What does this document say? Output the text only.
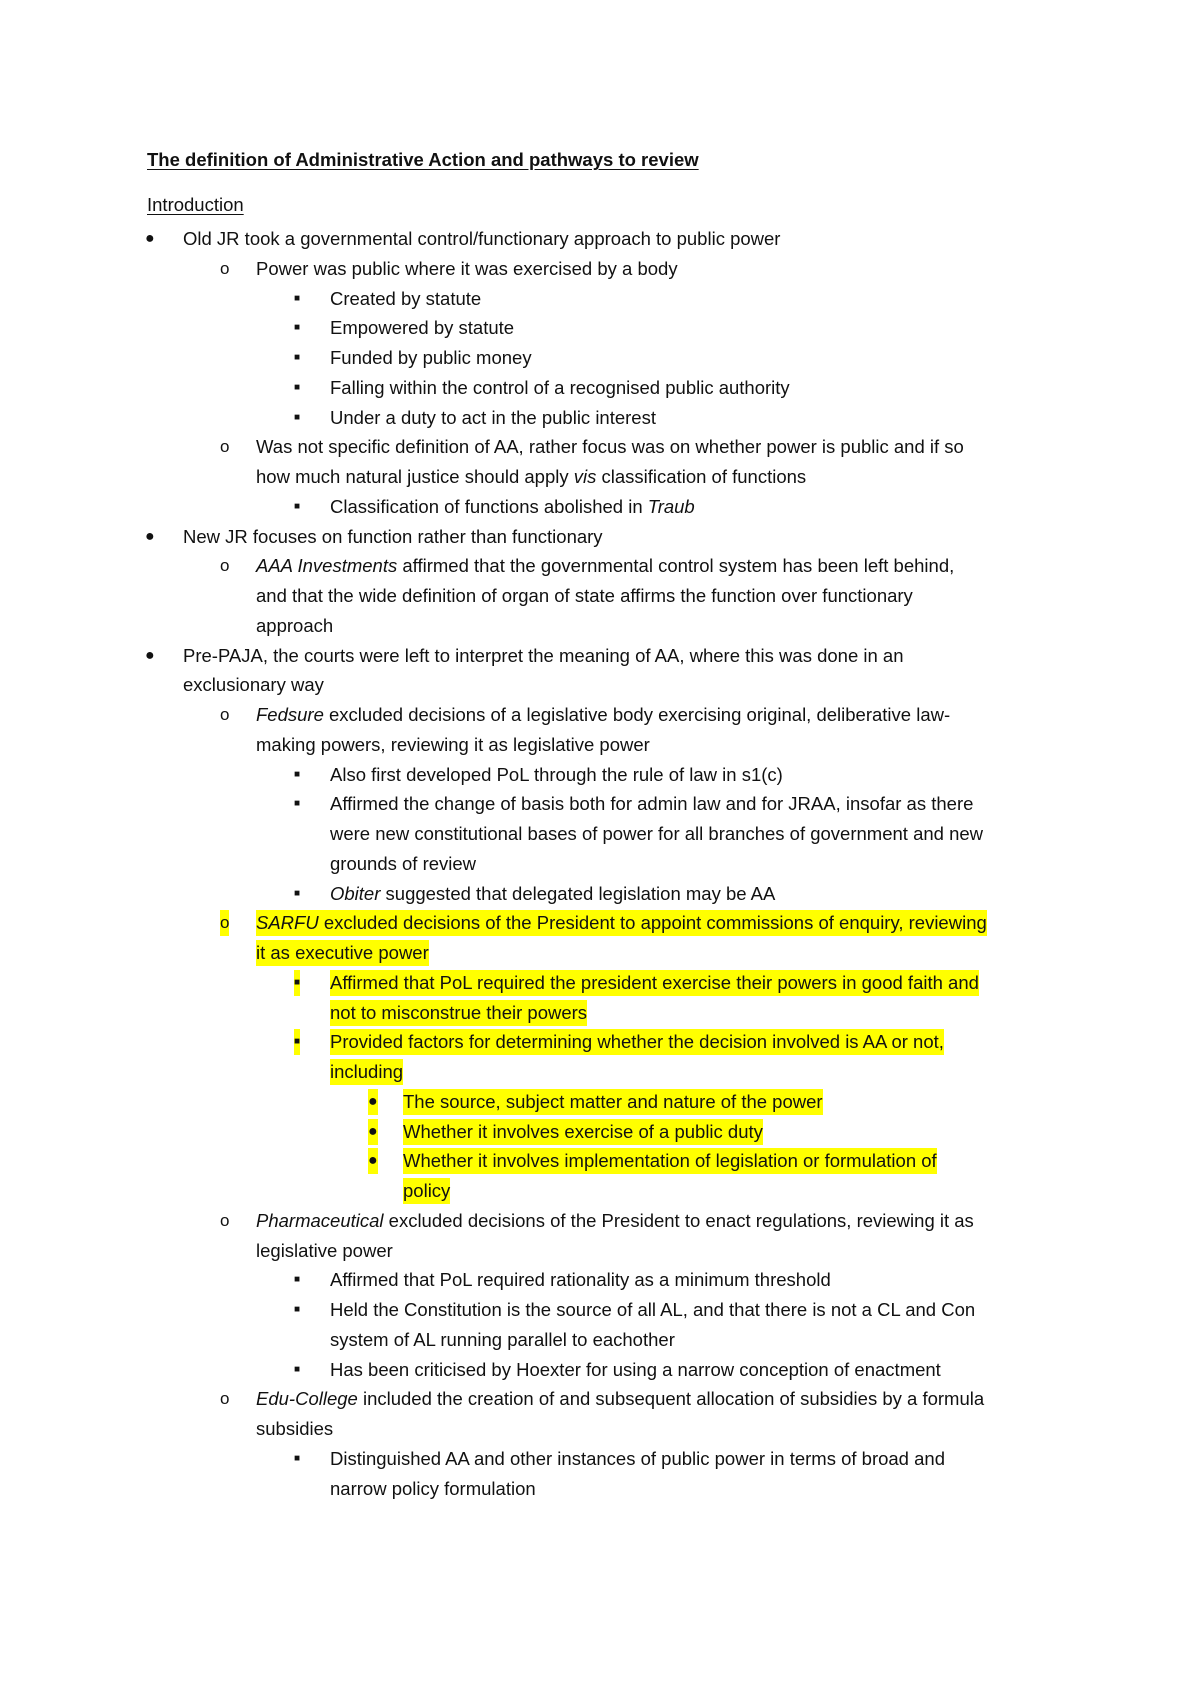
The definition of Administrative Action and pathways to review
Introduction
● Old JR took a governmental control/functionary approach to public power
o Power was public where it was exercised by a body
■ Created by statute
■ Empowered by statute
■ Funded by public money
■ Falling within the control of a recognised public authority
■ Under a duty to act in the public interest
o Was not specific definition of AA, rather focus was on whether power is public and if so
how much natural justice should apply vis classification of functions
■ Classification of functions abolished in Traub
● New JR focuses on function rather than functionary
o AAA Investments affirmed that the governmental control system has been left behind,
and that the wide definition of organ of state affirms the function over functionary
approach
● Pre-PAJA, the courts were left to interpret the meaning of AA, where this was done in an
exclusionary way
o Fedsure excluded decisions of a legislative body exercising original, deliberative law-
making powers, reviewing it as legislative power
■ Also first developed PoL through the rule of law in s1(c)
■ Affirmed the change of basis both for admin law and for JRAA, insofar as there
were new constitutional bases of power for all branches of government and new
grounds of review
■ Obiter suggested that delegated legislation may be AA
o SARFU excluded decisions of the President to appoint commissions of enquiry, reviewing
it as executive power
■ Affirmed that PoL required the president exercise their powers in good faith and
not to misconstrue their powers
■ Provided factors for determining whether the decision involved is AA or not,
including
● The source, subject matter and nature of the power
● Whether it involves exercise of a public duty
● Whether it involves implementation of legislation or formulation of
policy
o Pharmaceutical excluded decisions of the President to enact regulations, reviewing it as
legislative power
■ Affirmed that PoL required rationality as a minimum threshold
■ Held the Constitution is the source of all AL, and that there is not a CL and Con
system of AL running parallel to eachother
■ Has been criticised by Hoexter for using a narrow conception of enactment
o Edu-College included the creation of and subsequent allocation of subsidies by a formula
subsidies
■ Distinguished AA and other instances of public power in terms of broad and
narrow policy formulation
